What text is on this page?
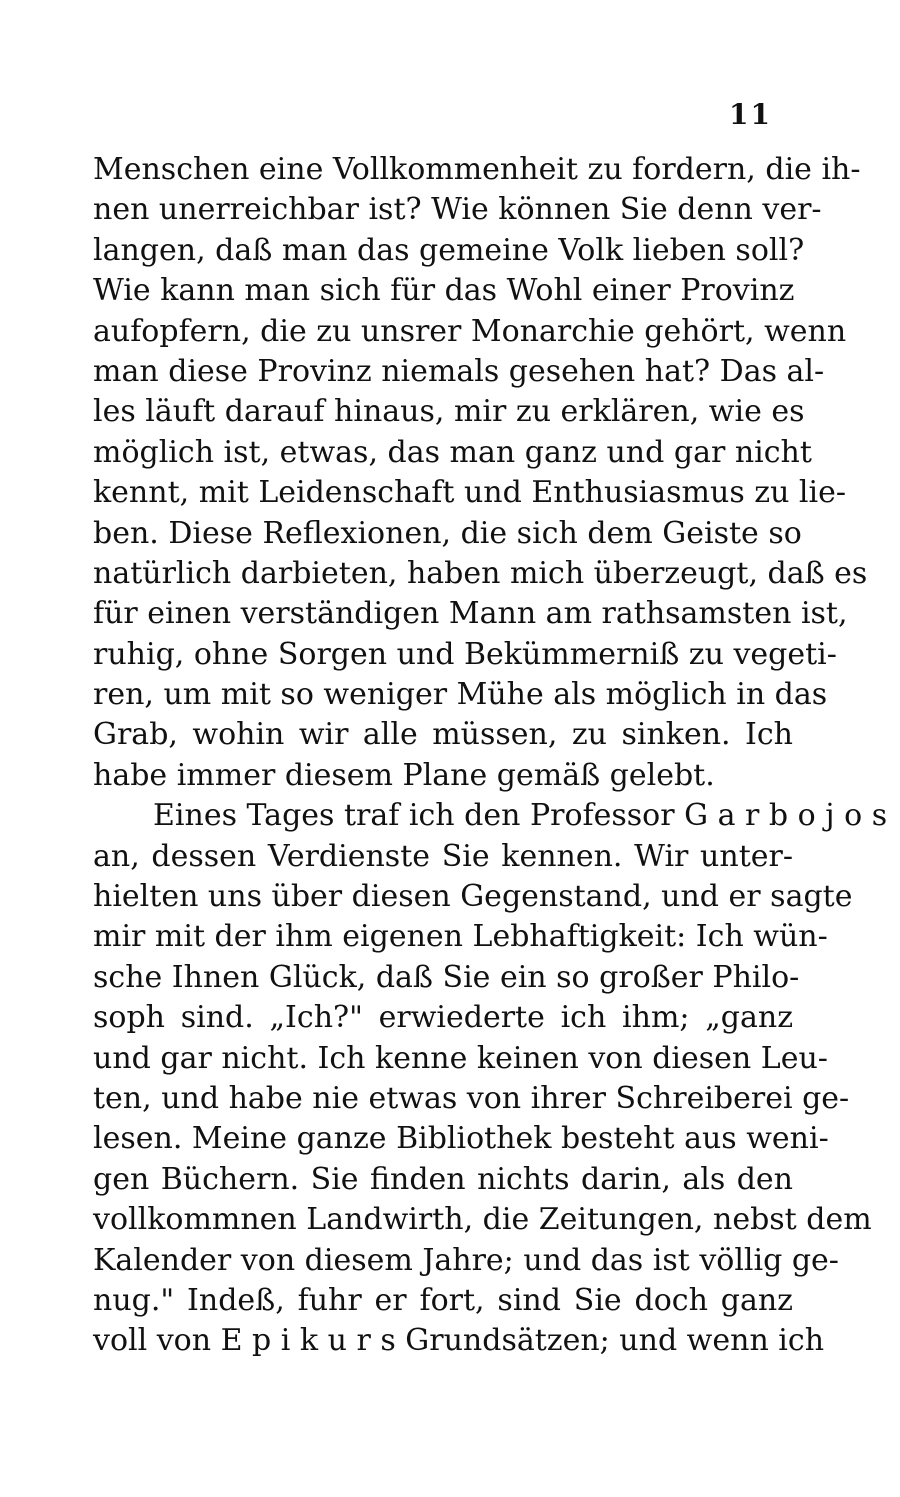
11
Menschen eine Vollkommenheit zu fordern, die ih-
nen unerreichbar ist? Wie können Sie denn ver-
langen, daß man das gemeine Volk lieben soll?
Wie kann man sich für das Wohl einer Provinz
aufopfern, die zu unsrer Monarchie gehört, wenn
man diese Provinz niemals gesehen hat? Das al-
les läuft darauf hinaus, mir zu erklären, wie es
möglich ist, etwas, das man ganz und gar nicht
kennt, mit Leidenschaft und Enthusiasmus zu lie-
ben. Diese Reflexionen, die sich dem Geiste so
natürlich darbieten, haben mich überzeugt, daß es
für einen verständigen Mann am rathsamsten ist,
ruhig, ohne Sorgen und Bekümmerniß zu vegeti-
ren, um mit so weniger Mühe als möglich in das
Grab, wohin wir alle müssen, zu sinken. Ich
habe immer diesem Plane gemäß gelebt.
Eines Tages traf ich den Professor G a r b o j o s
an, dessen Verdienste Sie kennen. Wir unter-
hielten uns über diesen Gegenstand, und er sagte
mir mit der ihm eigenen Lebhaftigkeit: Ich wün-
sche Ihnen Glück, daß Sie ein so großer Philo-
soph sind. „Ich?" erwiederte ich ihm; „ganz
und gar nicht. Ich kenne keinen von diesen Leu-
ten, und habe nie etwas von ihrer Schreiberei ge-
lesen. Meine ganze Bibliothek besteht aus weni-
gen Büchern. Sie finden nichts darin, als den
vollkommnen Landwirth, die Zeitungen, nebst dem
Kalender von diesem Jahre; und das ist völlig ge-
nug." Indeß, fuhr er fort, sind Sie doch ganz
voll von E p i k u r s Grundsätzen; und wenn ich
